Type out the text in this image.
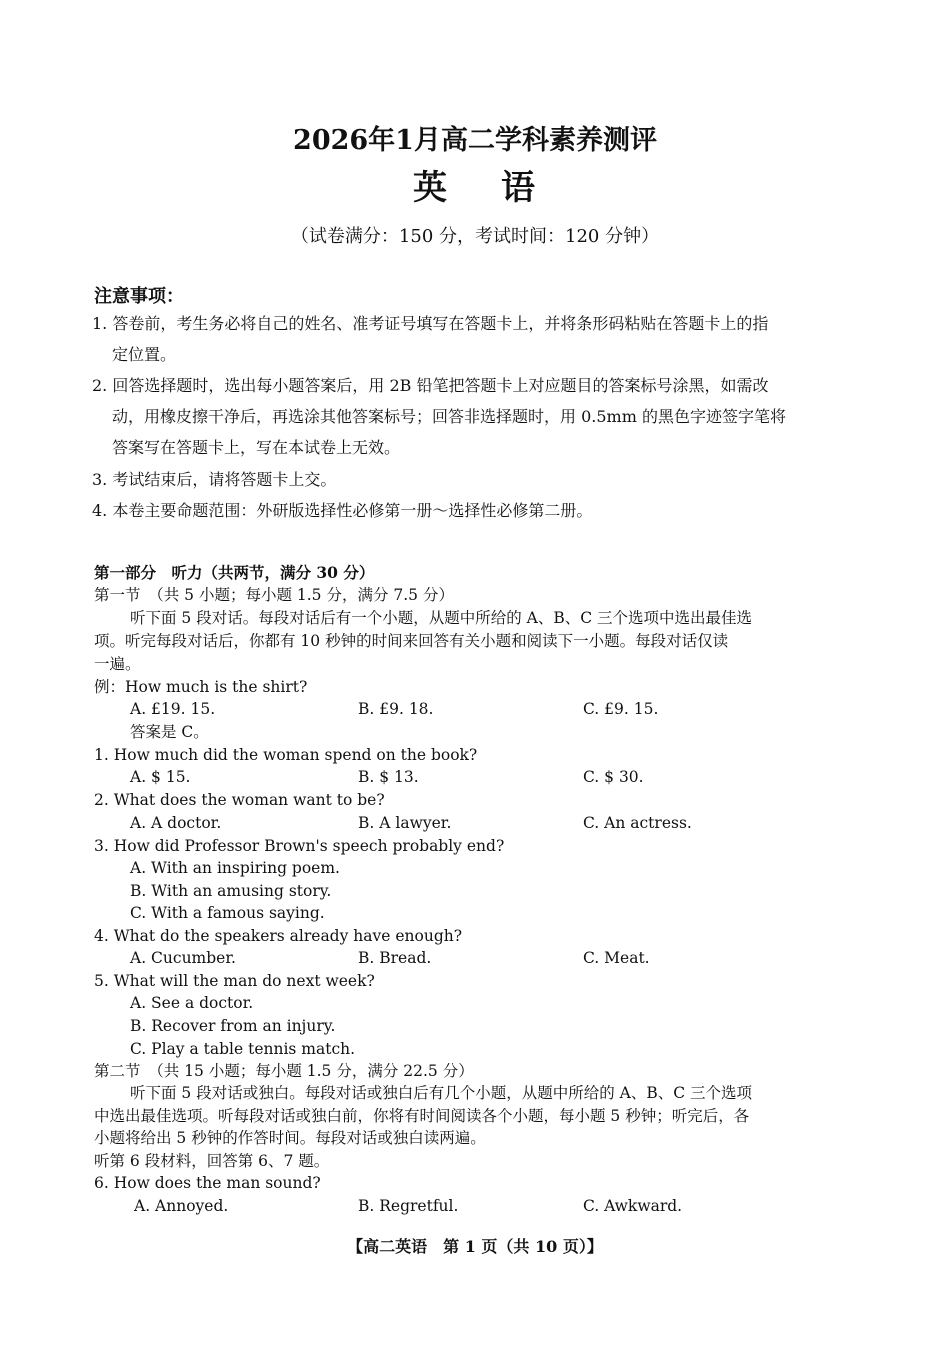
2026年1月高二学科素养测评
英 语
（试卷满分：150 分，考试时间：120 分钟）
注意事项：
1. 答卷前，考生务必将自己的姓名、准考证号填写在答题卡上，并将条形码粘贴在答题卡上的指
定位置。
2. 回答选择题时，选出每小题答案后，用 2B 铅笔把答题卡上对应题目的答案标号涂黑，如需改
动，用橡皮擦干净后，再选涂其他答案标号；回答非选择题时，用 0.5mm 的黑色字迹签字笔将
答案写在答题卡上，写在本试卷上无效。
3. 考试结束后，请将答题卡上交。
4. 本卷主要命题范围：外研版选择性必修第一册～选择性必修第二册。
第一部分　听力（共两节，满分 30 分）
第一节　（共 5 小题；每小题 1.5 分，满分 7.5 分）
听下面 5 段对话。每段对话后有一个小题，从题中所给的 A、B、C 三个选项中选出最佳选
项。听完每段对话后，你都有 10 秒钟的时间来回答有关小题和阅读下一小题。每段对话仅读
一遍。
例：How much is the shirt?
A. £19. 15.	B. £9. 18.	C. £9. 15.
答案是 C。
1. How much did the woman spend on the book?
A. $ 15.	B. $ 13.	C. $ 30.
2. What does the woman want to be?
A. A doctor.	B. A lawyer.	C. An actress.
3. How did Professor Brown's speech probably end?
A. With an inspiring poem.
B. With an amusing story.
C. With a famous saying.
4. What do the speakers already have enough?
A. Cucumber.	B. Bread.	C. Meat.
5. What will the man do next week?
A. See a doctor.
B. Recover from an injury.
C. Play a table tennis match.
第二节　（共 15 小题；每小题 1.5 分，满分 22.5 分）
听下面 5 段对话或独白。每段对话或独白后有几个小题，从题中所给的 A、B、C 三个选项
中选出最佳选项。听每段对话或独白前，你将有时间阅读各个小题，每小题 5 秒钟；听完后，各
小题将给出 5 秒钟的作答时间。每段对话或独白读两遍。
听第 6 段材料，回答第 6、7 题。
6. How does the man sound?
A. Annoyed.	B. Regretful.	C. Awkward.
【高二英语　第 1 页（共 10 页）】
